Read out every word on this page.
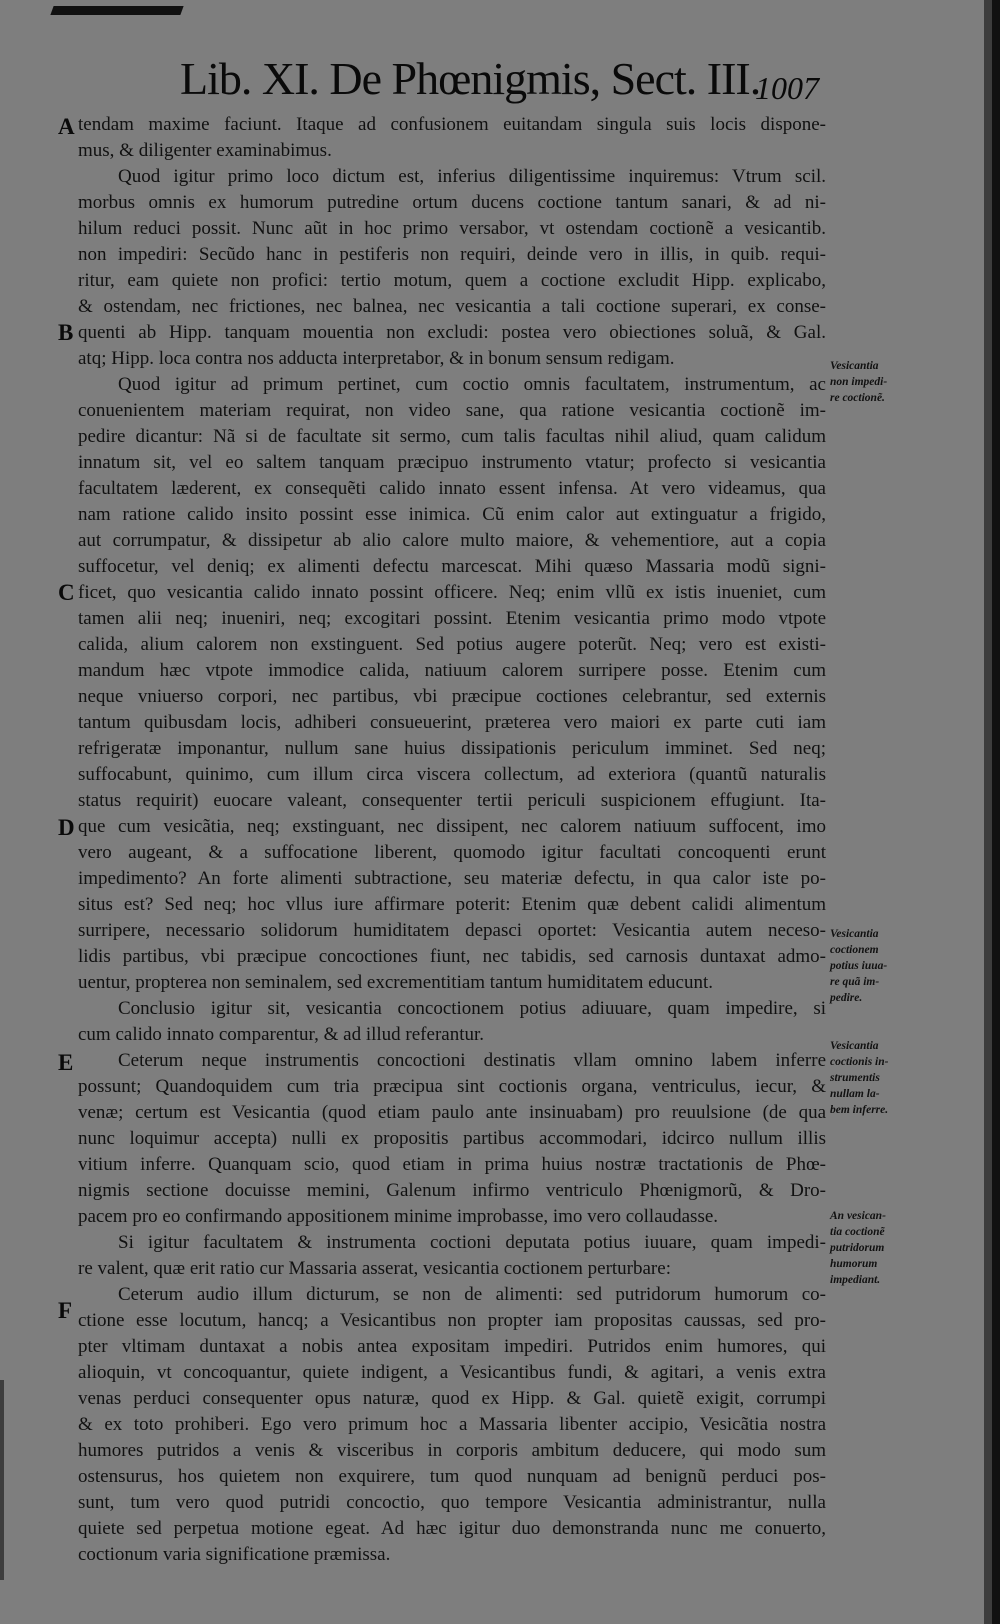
Lib. XI. De Phœnigmis, Sect. III.
1007
A
B
C
D
E
F
tendam maxime faciunt. Itaque ad confusionem euitandam singula suis locis dispone-
mus, & diligenter examinabimus.
Quod igitur primo loco dictum est, inferius diligentissime inquiremus: Vtrum scil.
morbus omnis ex humorum putredine ortum ducens coctione tantum sanari, & ad ni-
hilum reduci possit. Nunc aũt in hoc primo versabor, vt ostendam coctionẽ a vesicantib.
non impediri: Secũdo hanc in pestiferis non requiri, deinde vero in illis, in quib. requi-
ritur, eam quiete non profici: tertio motum, quem a coctione excludit Hipp. explicabo,
& ostendam, nec frictiones, nec balnea, nec vesicantia a tali coctione superari, ex conse-
quenti ab Hipp. tanquam mouentia non excludi: postea vero obiectiones soluã, & Gal.
atq; Hipp. loca contra nos adducta interpretabor, & in bonum sensum redigam.
Quod igitur ad primum pertinet, cum coctio omnis facultatem, instrumentum, ac
conuenientem materiam requirat, non video sane, qua ratione vesicantia coctionẽ im-
pedire dicantur: Nã si de facultate sit sermo, cum talis facultas nihil aliud, quam calidum
innatum sit, vel eo saltem tanquam præcipuo instrumento vtatur; profecto si vesicantia
facultatem læderent, ex consequẽti calido innato essent infensa. At vero videamus, qua
nam ratione calido insito possint esse inimica. Cũ enim calor aut extinguatur a frigido,
aut corrumpatur, & dissipetur ab alio calore multo maiore, & vehementiore, aut a copia
suffocetur, vel deniq; ex alimenti defectu marcescat. Mihi quæso Massaria modũ signi-
ficet, quo vesicantia calido innato possint officere. Neq; enim vllũ ex istis inueniet, cum
tamen alii neq; inueniri, neq; excogitari possint. Etenim vesicantia primo modo vtpote
calida, alium calorem non exstinguent. Sed potius augere poterũt. Neq; vero est existi-
mandum hæc vtpote immodice calida, natiuum calorem surripere posse. Etenim cum
neque vniuerso corpori, nec partibus, vbi præcipue coctiones celebrantur, sed externis
tantum quibusdam locis, adhiberi consueuerint, præterea vero maiori ex parte cuti iam
refrigeratæ imponantur, nullum sane huius dissipationis periculum imminet. Sed neq;
suffocabunt, quinimo, cum illum circa viscera collectum, ad exteriora (quantũ naturalis
status requirit) euocare valeant, consequenter tertii periculi suspicionem effugiunt. Ita-
que cum vesicãtia, neq; exstinguant, nec dissipent, nec calorem natiuum suffocent, imo
vero augeant, & a suffocatione liberent, quomodo igitur facultati concoquenti erunt
impedimento? An forte alimenti subtractione, seu materiæ defectu, in qua calor iste po-
situs est? Sed neq; hoc vllus iure affirmare poterit: Etenim quæ debent calidi alimentum
surripere, necessario solidorum humiditatem depasci oportet: Vesicantia autem neceso-
lidis partibus, vbi præcipue concoctiones fiunt, nec tabidis, sed carnosis duntaxat admo-
uentur, propterea non seminalem, sed excrementitiam tantum humiditatem educunt.
Conclusio igitur sit, vesicantia concoctionem potius adiuuare, quam impedire, si
cum calido innato comparentur, & ad illud referantur.
Ceterum neque instrumentis concoctioni destinatis vllam omnino labem inferre
possunt; Quandoquidem cum tria præcipua sint coctionis organa, ventriculus, iecur, &
venæ; certum est Vesicantia (quod etiam paulo ante insinuabam) pro reuulsione (de qua
nunc loquimur accepta) nulli ex propositis partibus accommodari, idcirco nullum illis
vitium inferre. Quanquam scio, quod etiam in prima huius nostræ tractationis de Phœ-
nigmis sectione docuisse memini, Galenum infirmo ventriculo Phœnigmorũ, & Dro-
pacem pro eo confirmando appositionem minime improbasse, imo vero collaudasse.
Si igitur facultatem & instrumenta coctioni deputata potius iuuare, quam impedi-
re valent, quæ erit ratio cur Massaria asserat, vesicantia coctionem perturbare:
Ceterum audio illum dicturum, se non de alimenti: sed putridorum humorum co-
ctione esse locutum, hancq; a Vesicantibus non propter iam propositas caussas, sed pro-
pter vltimam duntaxat a nobis antea expositam impediri. Putridos enim humores, qui
alioquin, vt concoquantur, quiete indigent, a Vesicantibus fundi, & agitari, a venis extra
venas perduci consequenter opus naturæ, quod ex Hipp. & Gal. quietẽ exigit, corrumpi
& ex toto prohiberi. Ego vero primum hoc a Massaria libenter accipio, Vesicãtia nostra
humores putridos a venis & visceribus in corporis ambitum deducere, qui modo sum
ostensurus, hos quietem non exquirere, tum quod nunquam ad benignũ perduci pos-
sunt, tum vero quod putridi concoctio, quo tempore Vesicantia administrantur, nulla
quiete sed perpetua motione egeat. Ad hæc igitur duo demonstranda nunc me conuerto,
coctionum varia significatione præmissa.
Vesicantia
non impedi-
re coctionẽ.
Vesicantia
coctionem
potius iuua-
re quã im-
pedire.
Vesicantia
coctionis in-
strumentis
nullam la-
bem inferre.
An vesican-
tia coctionẽ
putridorum
humorum
impediant.
